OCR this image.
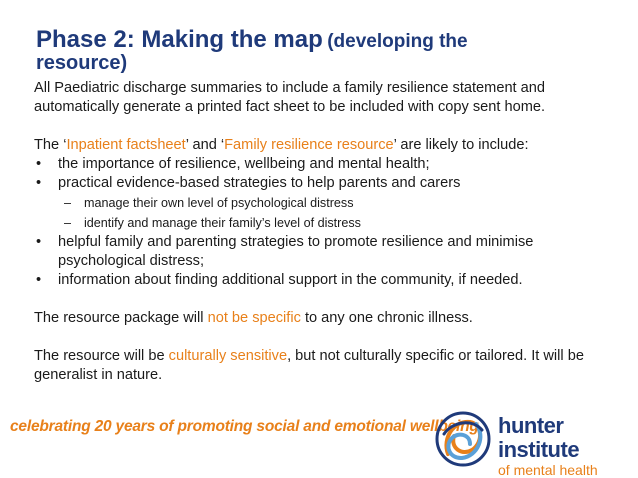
Phase 2: Making the map (developing the
resource)

All Paediatric discharge summaries to include a family resilience statement and automatically generate a printed fact sheet to be included with copy sent home.

The ‘Inpatient factsheet’ and ‘Family resilience resource’ are likely to include:

• the importance of resilience, wellbeing and mental health;
• practical evidence-based strategies to help parents and carers
– manage their own level of psychological distress
– identify and manage their family’s level of distress
• helpful family and parenting strategies to promote resilience and minimise psychological distress;
• information about finding additional support in the community, if needed.

The resource package will not be specific to any one chronic illness.

The resource will be culturally sensitive, but not culturally specific or tailored. It will be generalist in nature.

celebrating 20 years of promoting social and emotional wellbeing hunter institute
of mental health
